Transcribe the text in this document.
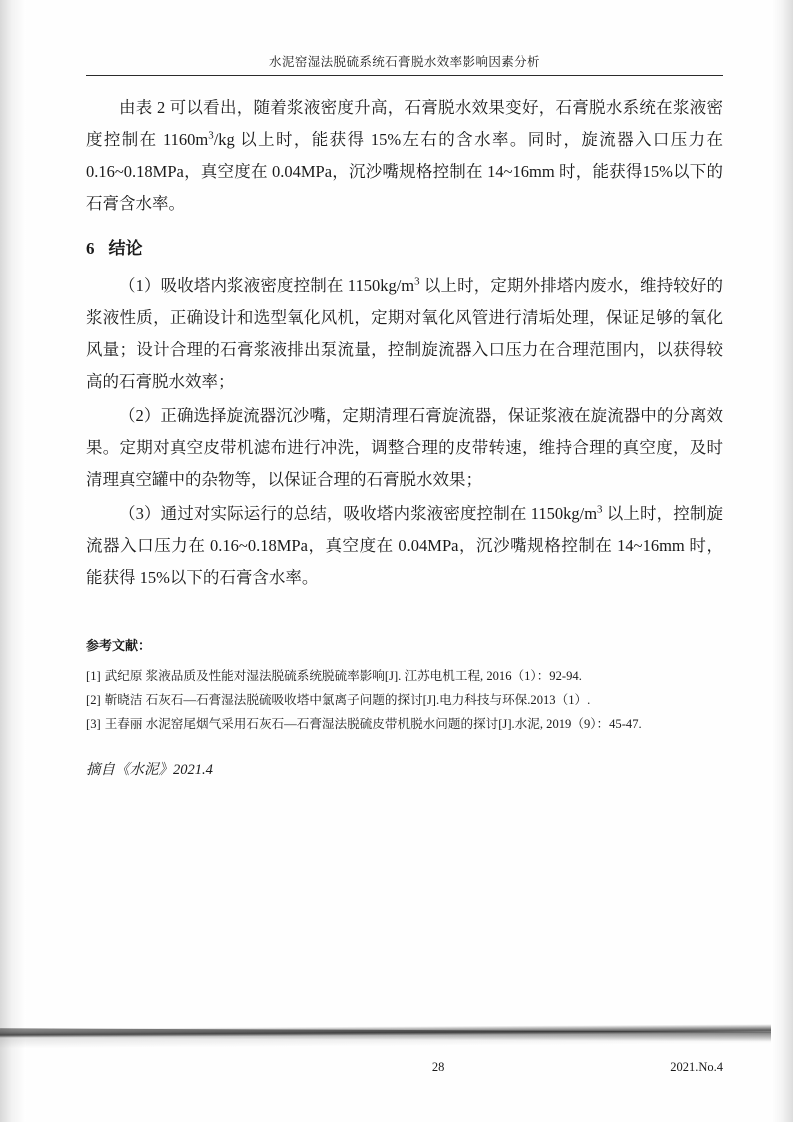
水泥窑湿法脱硫系统石膏脱水效率影响因素分析

由表 2 可以看出，随着浆液密度升高，石膏脱水效果变好，石膏脱水系统在浆液密度控制在 $1160m^3/kg$ 以上时，能获得 15%左右的含水率。同时，旋流器入口压力在 0.16~0.18MPa，真空度在 0.04MPa，沉沙嘴规格控制在 14~16mm 时，能获得15%以下的石膏含水率。

6 结论

（1）吸收塔内浆液密度控制在 $1150kg/m^3$ 以上时，定期外排塔内废水，维持较好的浆液性质，正确设计和选型氧化风机，定期对氧化风管进行清垢处理，保证足够的氧化风量；设计合理的石膏浆液排出泵流量，控制旋流器入口压力在合理范围内，以获得较高的石膏脱水效率；

（2）正确选择旋流器沉沙嘴，定期清理石膏旋流器，保证浆液在旋流器中的分离效果。定期对真空皮带机滤布进行冲洗，调整合理的皮带转速，维持合理的真空度，及时清理真空罐中的杂物等，以保证合理的石膏脱水效果；

（3）通过对实际运行的总结，吸收塔内浆液密度控制在 $1150kg/m^3$ 以上时，控制旋流器入口压力在 0.16~0.18MPa，真空度在 0.04MPa，沉沙嘴规格控制在 14~16mm 时，能获得 15%以下的石膏含水率。

参考文献：
[1] 武纪原 浆液品质及性能对湿法脱硫系统脱硫率影响[J]. 江苏电机工程, 2016（1）：92-94.
[2] 靳晓洁 石灰石—石膏湿法脱硫吸收塔中氯离子问题的探讨[J].电力科技与环保.2013（1）.
[3] 王春丽 水泥窑尾烟气采用石灰石—石膏湿法脱硫皮带机脱水问题的探讨[J].水泥, 2019（9）：45-47.
摘自《水泥》2021.4
28	2021.No.4
